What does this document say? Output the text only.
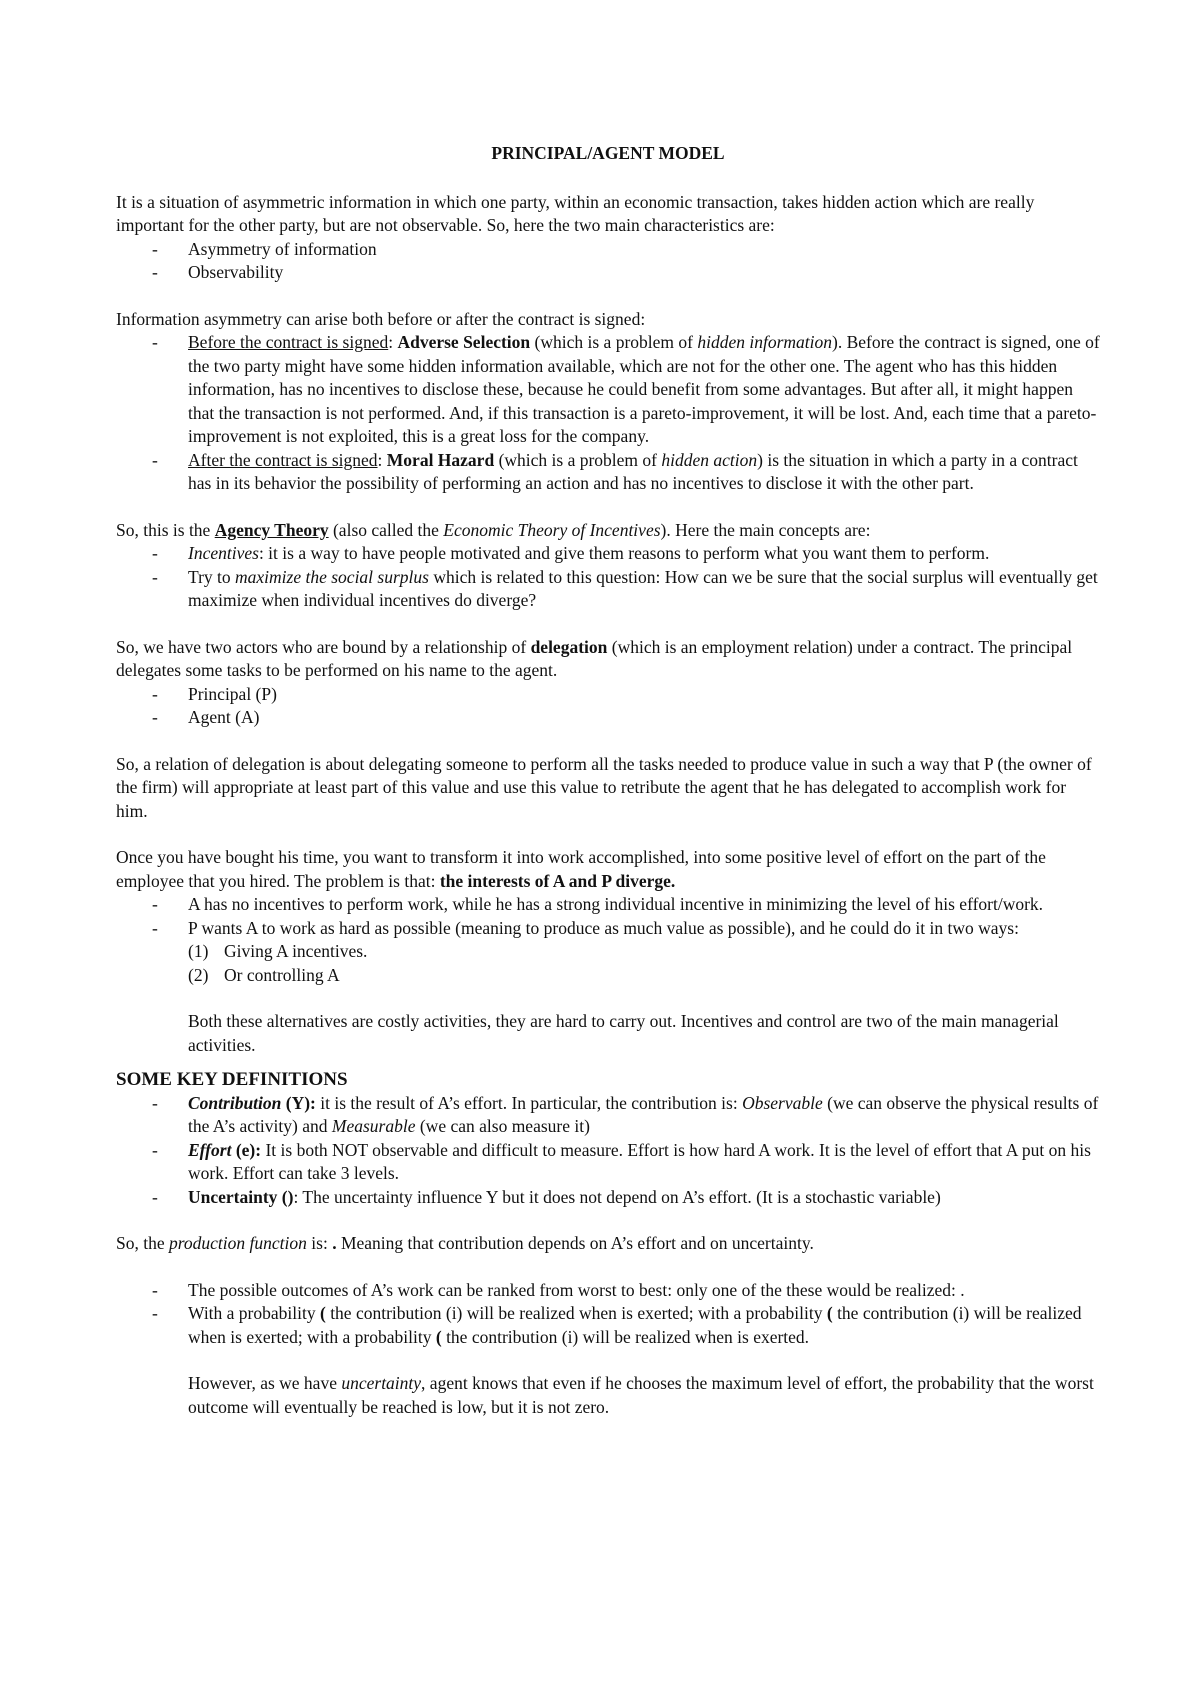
PRINCIPAL/AGENT MODEL

It is a situation of asymmetric information in which one party, within an economic transaction, takes hidden action which are really important for the other party, but are not observable. So, here the two main characteristics are:

- Asymmetry of information
- Observability

Information asymmetry can arise both before or after the contract is signed:

- Before the contract is signed: Adverse Selection (which is a problem of hidden information). Before the contract is signed, one of the two party might have some hidden information available, which are not for the other one. The agent who has this hidden information, has no incentives to disclose these, because he could benefit from some advantages. But after all, it might happen that the transaction is not performed. And, if this transaction is a pareto-improvement, it will be lost. And, each time that a pareto-improvement is not exploited, this is a great loss for the company.
- After the contract is signed: Moral Hazard (which is a problem of hidden action) is the situation in which a party in a contract has in its behavior the possibility of performing an action and has no incentives to disclose it with the other part.

So, this is the Agency Theory (also called the Economic Theory of Incentives). Here the main concepts are:

- Incentives: it is a way to have people motivated and give them reasons to perform what you want them to perform.
- Try to maximize the social surplus which is related to this question: How can we be sure that the social surplus will eventually get maximize when individual incentives do diverge?

So, we have two actors who are bound by a relationship of delegation (which is an employment relation) under a contract. The principal delegates some tasks to be performed on his name to the agent.

- Principal (P)
- Agent (A)

So, a relation of delegation is about delegating someone to perform all the tasks needed to produce value in such a way that P (the owner of the firm) will appropriate at least part of this value and use this value to retribute the agent that he has delegated to accomplish work for him.

Once you have bought his time, you want to transform it into work accomplished, into some positive level of effort on the part of the employee that you hired. The problem is that: the interests of A and P diverge.

- A has no incentives to perform work, while he has a strong individual incentive in minimizing the level of his effort/work.
- P wants A to work as hard as possible (meaning to produce as much value as possible), and he could do it in two ways:
(1) Giving A incentives.
(2) Or controlling A

Both these alternatives are costly activities, they are hard to carry out. Incentives and control are two of the main managerial activities.

SOME KEY DEFINITIONS
- Contribution (Y): it is the result of A’s effort. In particular, the contribution is: Observable (we can observe the physical results of the A’s activity) and Measurable (we can also measure it)
- Effort (e): It is both NOT observable and difficult to measure. Effort is how hard A work. It is the level of effort that A put on his work. Effort can take 3 levels.
- Uncertainty (): The uncertainty influence Y but it does not depend on A’s effort. (It is a stochastic variable)

So, the production function is: . Meaning that contribution depends on A’s effort and on uncertainty.

- The possible outcomes of A’s work can be ranked from worst to best: only one of the these would be realized: .
- With a probability ( the contribution (i) will be realized when is exerted; with a probability ( the contribution (i) will be realized when is exerted; with a probability ( the contribution (i) will be realized when is exerted.

However, as we have uncertainty, agent knows that even if he chooses the maximum level of effort, the probability that the worst outcome will eventually be reached is low, but it is not zero.
